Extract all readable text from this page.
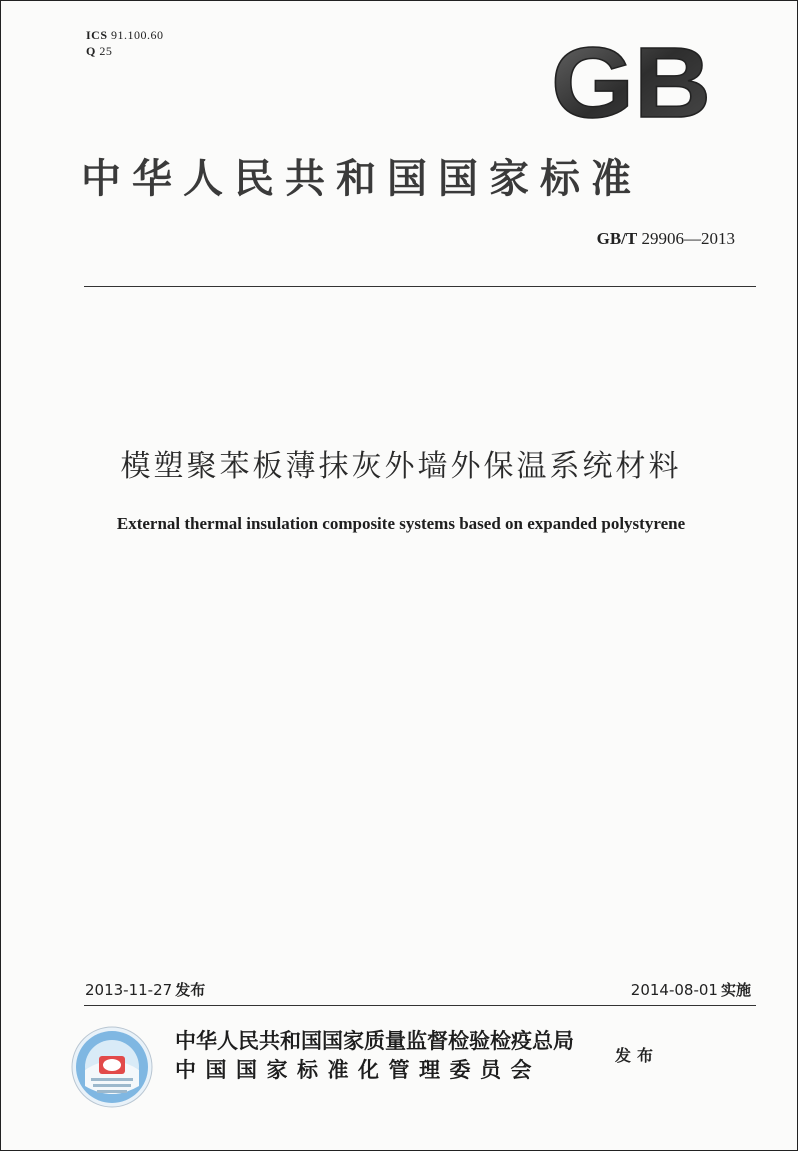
ICS 91.100.60
Q 25	GB
中华人民共和国国家标准
GB/T 29906—2013
模塑聚苯板薄抹灰外墙外保温系统材料
External thermal insulation composite systems based on expanded polystyrene
2013-11-27 发布	2014-08-01 实施
中华人民共和国国家质量监督检验检疫总局
中国国家标准化管理委员会
发布
